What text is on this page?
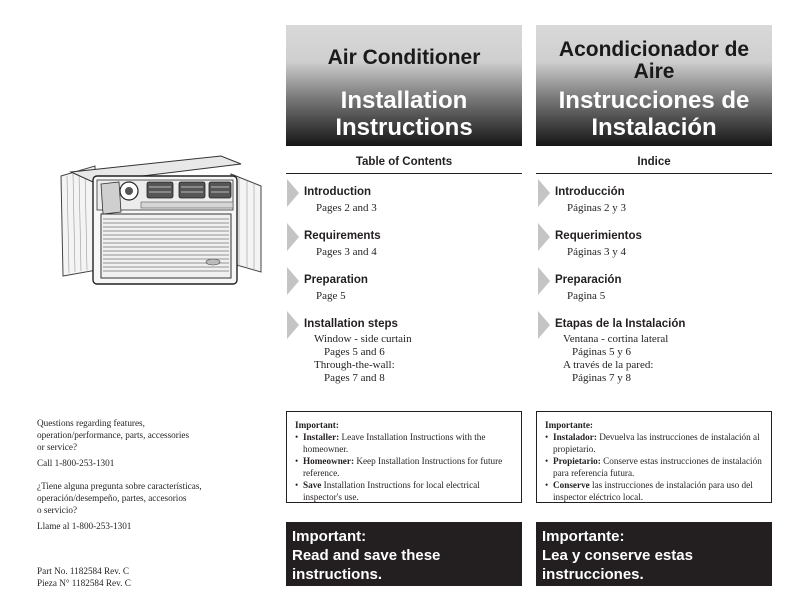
Air Conditioner
Installation
Instructions
Acondicionador de
Aire
Instrucciones de
Instalación
Table of Contents	Indice
Introduction
Pages 2 and 3
Requirements
Pages 3 and 4
Preparation
Page 5
Installation steps
Window - side curtain
Pages 5 and 6
Through-the-wall:
Pages 7 and 8
Introducción
Páginas 2 y 3
Requerimientos
Páginas 3 y 4
Preparación
Pagina 5
Etapas de la Instalación
Ventana - cortina lateral
Páginas 5 y 6
A través de la pared:
Páginas 7 y 8
Important:
• Installer: Leave Installation Instructions with the homeowner.
• Homeowner: Keep Installation Instructions for future reference.
• Save Installation Instructions for local electrical inspector's use.
Importante:
• Instalador: Devuelva las instrucciones de instalación al propietario.
• Propietario: Conserve estas instrucciones de instalación para referencia futura.
• Conserve las instrucciones de instalación para uso del inspector eléctrico local.
Important:
Read and save these
instructions.
Importante:
Lea y conserve estas
instrucciones.
Questions regarding features,
operation/performance, parts, accessories
or service?
Call 1-800-253-1301
¿Tiene alguna pregunta sobre características,
operación/desempeño, partes, accesorios
o servicio?
Llame al 1-800-253-1301
Part No. 1182584 Rev. C
Pieza N° 1182584 Rev. C
